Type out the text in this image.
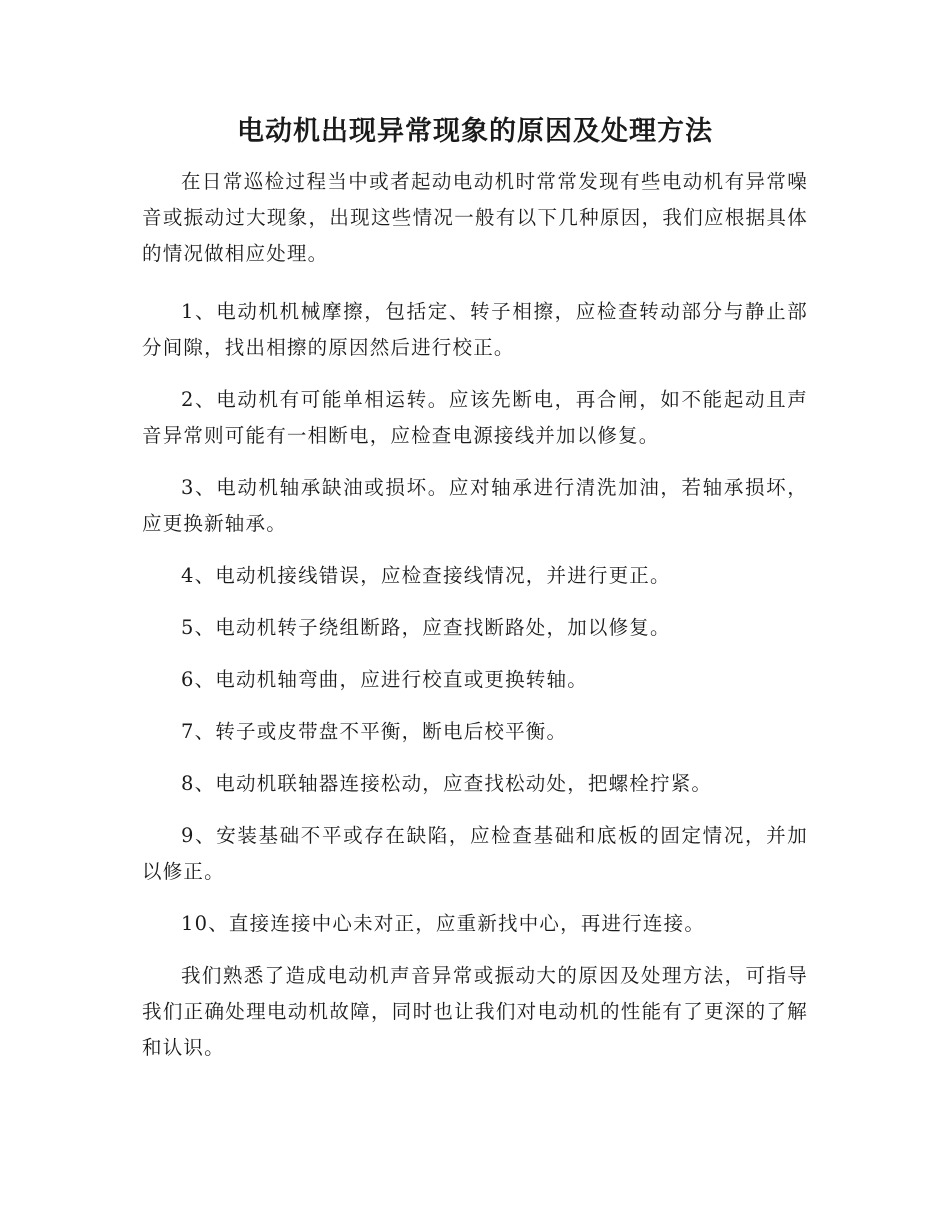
电动机出现异常现象的原因及处理方法

在日常巡检过程当中或者起动电动机时常常发现有些电动机有异常噪音或振动过大现象，出现这些情况一般有以下几种原因，我们应根据具体的情况做相应处理。

1、电动机机械摩擦，包括定、转子相擦，应检查转动部分与静止部分间隙，找出相擦的原因然后进行校正。

2、电动机有可能单相运转。应该先断电，再合闸，如不能起动且声音异常则可能有一相断电，应检查电源接线并加以修复。

3、电动机轴承缺油或损坏。应对轴承进行清洗加油，若轴承损坏，应更换新轴承。

4、电动机接线错误，应检查接线情况，并进行更正。

5、电动机转子绕组断路，应查找断路处，加以修复。

6、电动机轴弯曲，应进行校直或更换转轴。

7、转子或皮带盘不平衡，断电后校平衡。

8、电动机联轴器连接松动，应查找松动处，把螺栓拧紧。

9、安装基础不平或存在缺陷，应检查基础和底板的固定情况，并加以修正。

10、直接连接中心未对正，应重新找中心，再进行连接。

我们熟悉了造成电动机声音异常或振动大的原因及处理方法，可指导我们正确处理电动机故障，同时也让我们对电动机的性能有了更深的了解和认识。
